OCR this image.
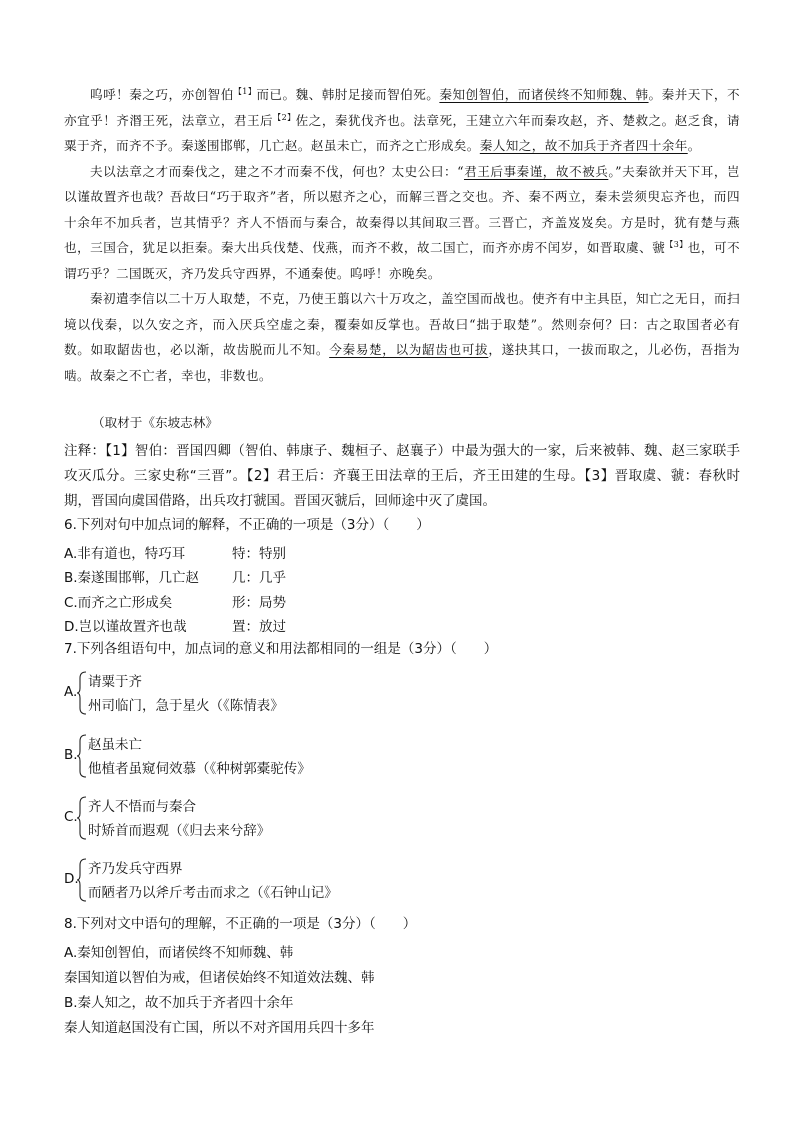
呜呼！秦之巧，亦创智伯$^{【1】}$而已。魏、韩肘足接而智伯死。秦知创智伯，而诸侯终不知师魏、韩。秦并天下，不亦宜乎！齐湣王死，法章立，君王后$^{【2】}$佐之，秦犹伐齐也。法章死，王建立六年而秦攻赵，齐、楚救之。赵乏食，请粟于齐，而齐不予。秦遂围邯郸，几亡赵。赵虽未亡，而齐之亡形成矣。秦人知之，故不加兵于齐者四十余年。

夫以法章之才而秦伐之，建之不才而秦不伐，何也？太史公曰：“君王后事秦谨，故不被兵。”夫秦欲并天下耳，岂以谨故置齐也哉？吾故曰“巧于取齐”者，所以慰齐之心，而解三晋之交也。齐、秦不两立，秦未尝须臾忘齐也，而四十余年不加兵者，岂其情乎？齐人不悟而与秦合，故秦得以其间取三晋。三晋亡，齐盖岌岌矣。方是时，犹有楚与燕也，三国合，犹足以拒秦。秦大出兵伐楚、伐燕，而齐不救，故二国亡，而齐亦虏不闰岁，如晋取虞、虢$^{【3】}$也，可不谓巧乎？二国既灭，齐乃发兵守西界，不通秦使。呜呼！亦晚矣。

秦初遣李信以二十万人取楚，不克，乃使王翦以六十万攻之，盖空国而战也。使齐有中主具臣，知亡之无日，而扫境以伐秦，以久安之齐，而入厌兵空虚之秦，覆秦如反掌也。吾故曰“拙于取楚”。然则奈何？曰：古之取国者必有数。如取龆齿也，必以渐，故齿脱而儿不知。今秦易楚，以为龆齿也可拔，遂抉其口，一拔而取之，儿必伤，吾指为啮。故秦之不亡者，幸也，非数也。

（取材于《东坡志林》
注释：【1】智伯：晋国四卿（智伯、韩康子、魏桓子、赵襄子）中最为强大的一家，后来被韩、魏、赵三家联手攻灭瓜分。三家史称“三晋”。【2】君王后：齐襄王田法章的王后，齐王田建的生母。【3】晋取虞、虢：春秋时期，晋国向虞国借路，出兵攻打虢国。晋国灭虢后，回师途中灭了虞国。
6.下列对句中加点词的解释，不正确的一项是（3分）（　　）
A.非有道也，特巧耳	特：特别
B.秦遂围邯郸，几亡赵 几：几乎
C.而齐之亡形成矣	形：局势
D.岂以谨故置齐也哉	置：放过
7.下列各组语句中，加点词的意义和用法都相同的一组是（3分）（　　）
A.
请粟于齐
州司临门，急于星火（《陈情表》
B.
赵虽未亡
他植者虽窥伺效慕（《种树郭橐驼传》
C.
齐人不悟而与秦合
时矫首而遐观（《归去来兮辞》
D.
齐乃发兵守西界
而陋者乃以斧斤考击而求之（《石钟山记》
8.下列对文中语句的理解，不正确的一项是（3分）（　　）
A.秦知创智伯，而诸侯终不知师魏、韩
秦国知道以智伯为戒，但诸侯始终不知道效法魏、韩
B.秦人知之，故不加兵于齐者四十余年
秦人知道赵国没有亡国，所以不对齐国用兵四十多年
